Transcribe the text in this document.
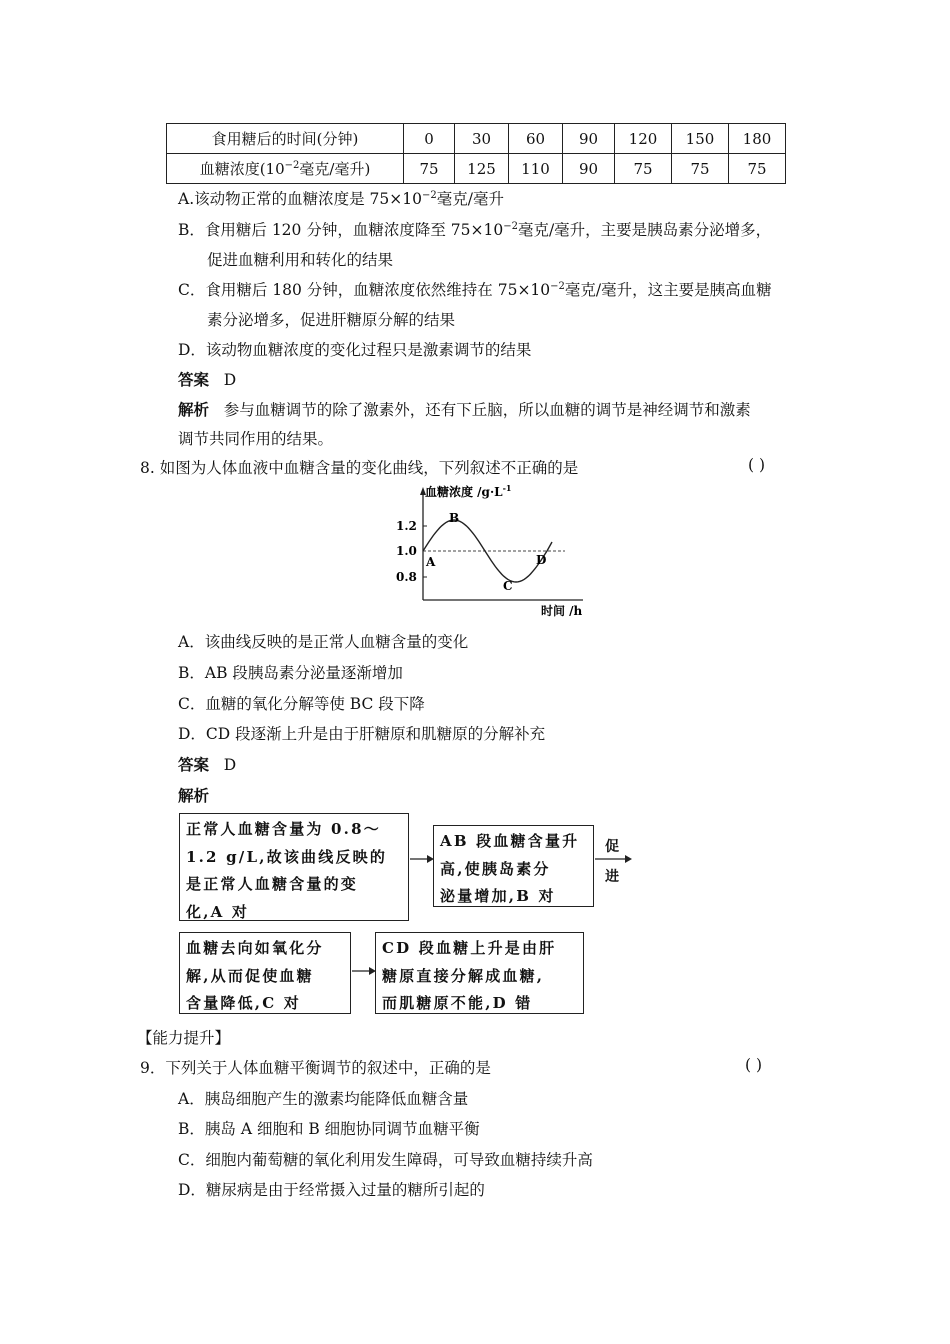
食用糖后的时间(分钟)	0	30	60	90	120	150	180
血糖浓度($10^{-2}$毫克/毫升)	75	125	110	90	75	75	75
A.该动物正常的血糖浓度是 $75\times 10^{-2}$毫克/毫升
B．食用糖后 120 分钟，血糖浓度降至 $75\times 10^{-2}$毫克/毫升，主要是胰岛素分泌增多，
促进血糖利用和转化的结果
C．食用糖后 180 分钟，血糖浓度依然维持在 $75\times 10^{-2}$毫克/毫升，这主要是胰高血糖
素分泌增多，促进肝糖原分解的结果
D．该动物血糖浓度的变化过程只是激素调节的结果
答案 D
解析 参与血糖调节的除了激素外，还有下丘脑，所以血糖的调节是神经调节和激素
调节共同作用的结果。
8. 如图为人体血液中血糖含量的变化曲线，下列叙述不正确的是	( )
血糖浓度 $/g\cdot L^{-1}$
1.2
1.0
0.8
A
B
C
D
时间 /h
A．该曲线反映的是正常人血糖含量的变化
B．AB 段胰岛素分泌量逐渐增加
C．血糖的氧化分解等使 BC 段下降
D．CD 段逐渐上升是由于肝糖原和肌糖原的分解补充
答案 D
解析
正常人血糖含量为 0.8～
1.2 g/L,故该曲线反映的
是正常人血糖含量的变
化,A 对
AB 段血糖含量升
高,使胰岛素分
泌量增加,B 对
促
进
血糖去向如氧化分
解,从而促使血糖
含量降低,C 对
CD 段血糖上升是由肝
糖原直接分解成血糖,
而肌糖原不能,D 错
【能力提升】
9．下列关于人体血糖平衡调节的叙述中，正确的是	( )
A．胰岛细胞产生的激素均能降低血糖含量
B．胰岛 A 细胞和 B 细胞协同调节血糖平衡
C．细胞内葡萄糖的氧化利用发生障碍，可导致血糖持续升高
D．糖尿病是由于经常摄入过量的糖所引起的
